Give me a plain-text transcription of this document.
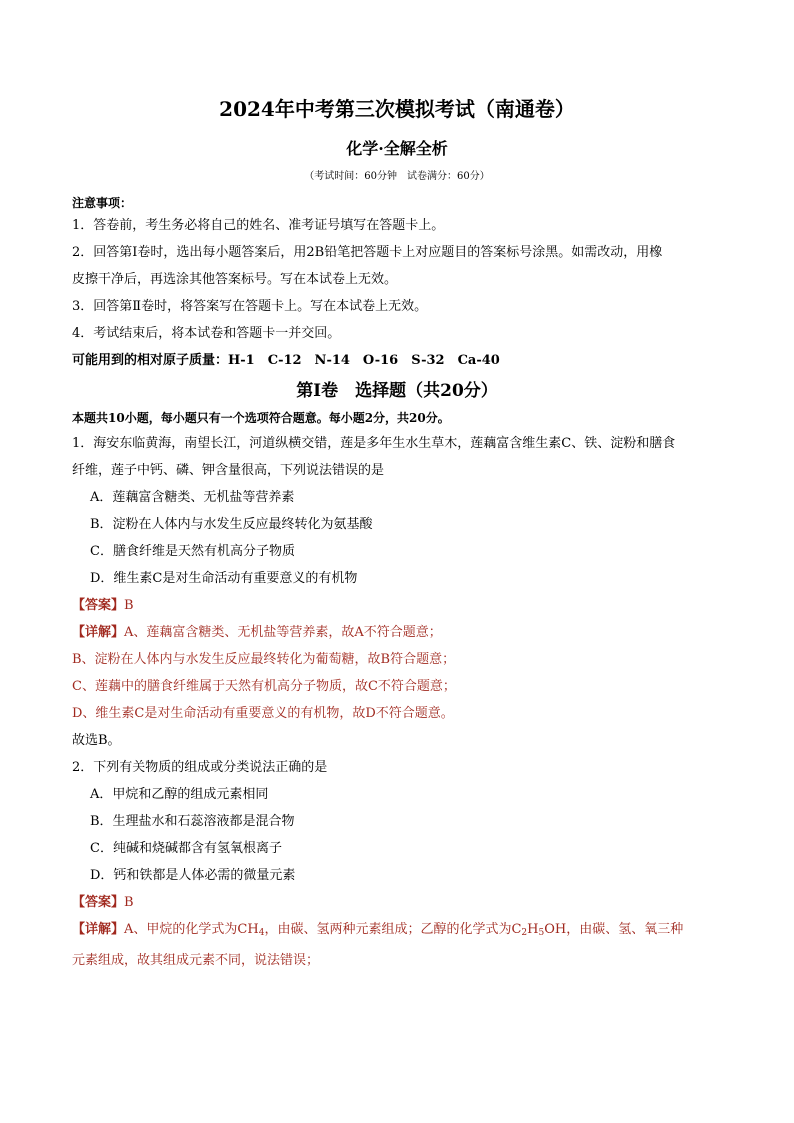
2024年中考第三次模拟考试（南通卷）
化学·全解全析
（考试时间：60分钟　试卷满分：60分）
注意事项：

1．答卷前，考生务必将自己的姓名、准考证号填写在答题卡上。

2．回答第Ⅰ卷时，选出每小题答案后，用2B铅笔把答题卡上对应题目的答案标号涂黑。如需改动，用橡

皮擦干净后，再选涂其他答案标号。写在本试卷上无效。

3．回答第Ⅱ卷时，将答案写在答题卡上。写在本试卷上无效。

4．考试结束后，将本试卷和答题卡一并交回。

可能用到的相对原子质量：H-1　C-12　N-14　O-16　S-32　Ca-40

第Ⅰ卷　选择题（共20分）
本题共10小题，每小题只有一个选项符合题意。每小题2分，共20分。

1．海安东临黄海，南望长江，河道纵横交错，莲是多年生水生草木，莲藕富含维生素C、铁、淀粉和膳食

纤维，莲子中钙、磷、钾含量很高，下列说法错误的是

A．莲藕富含糖类、无机盐等营养素

B．淀粉在人体内与水发生反应最终转化为氨基酸

C．膳食纤维是天然有机高分子物质

D．维生素C是对生命活动有重要意义的有机物

【答案】B

【详解】A、莲藕富含糖类、无机盐等营养素，故A不符合题意；

B、淀粉在人体内与水发生反应最终转化为葡萄糖，故B符合题意；

C、莲藕中的膳食纤维属于天然有机高分子物质，故C不符合题意；

D、维生素C是对生命活动有重要意义的有机物，故D不符合题意。

故选B。

2．下列有关物质的组成或分类说法正确的是

A．甲烷和乙醇的组成元素相同

B．生理盐水和石蕊溶液都是混合物

C．纯碱和烧碱都含有氢氧根离子

D．钙和铁都是人体必需的微量元素

【答案】B

【详解】A、甲烷的化学式为$CH_4$，由碳、氢两种元素组成；乙醇的化学式为$C_2H_5OH$，由碳、氢、氧三种

元素组成，故其组成元素不同，说法错误；
